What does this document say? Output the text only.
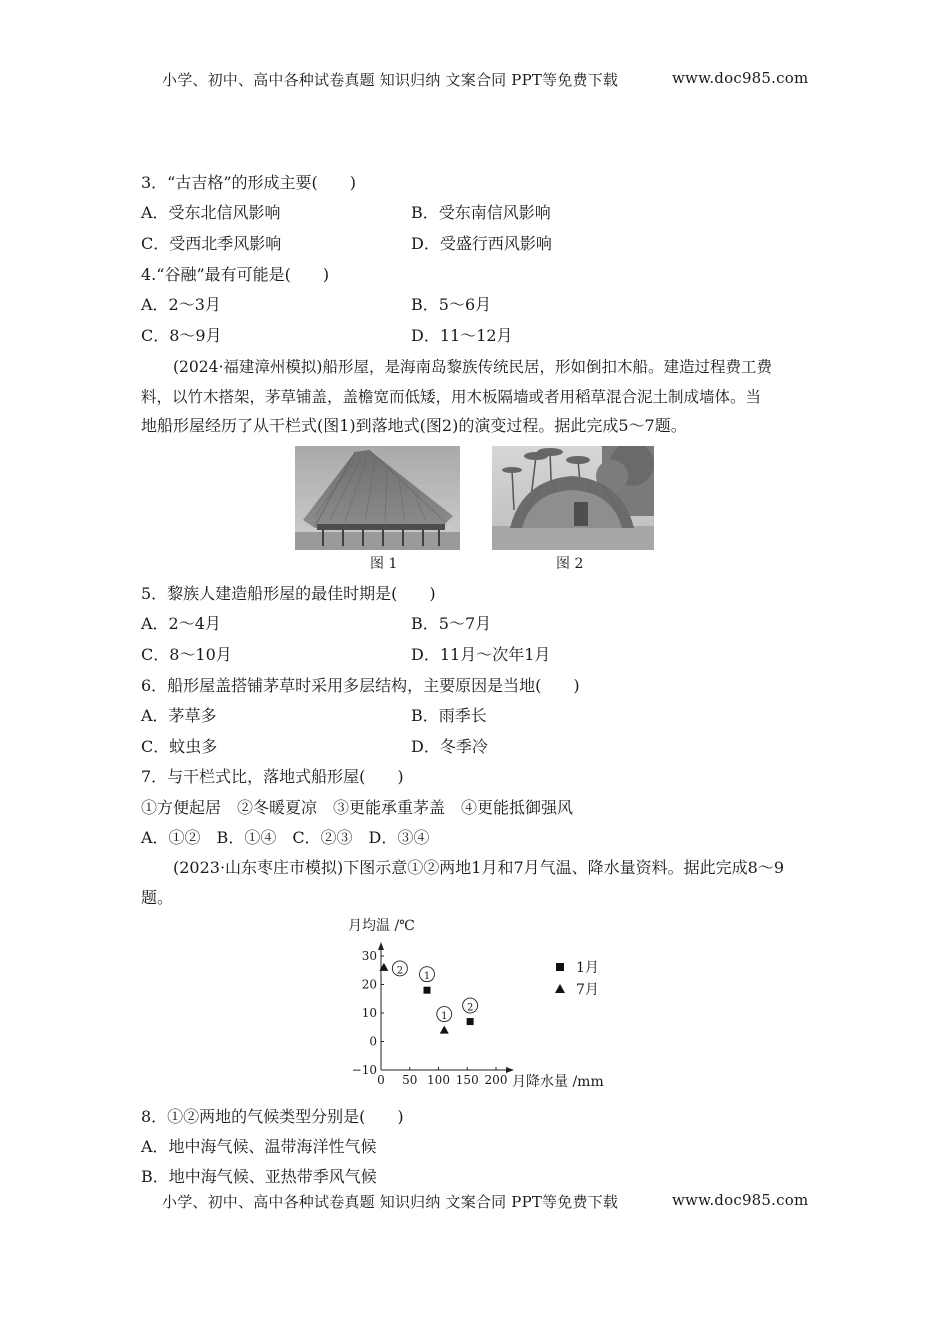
小学、初中、高中各种试卷真题 知识归纳 文案合同 PPT等免费下载	www.doc985.com
3．“古吉格”的形成主要(　　)
A．受东北信风影响	B．受东南信风影响
C．受西北季风影响	D．受盛行西风影响
4.“谷融”最有可能是(　　)
A．2～3月	B．5～6月
C．8～9月	D．11～12月
(2024·福建漳州模拟)船形屋，是海南岛黎族传统民居，形如倒扣木船。建造过程费工费
料，以竹木搭架，茅草铺盖，盖檐宽而低矮，用木板隔墙或者用稻草混合泥土制成墙体。当
地船形屋经历了从干栏式(图1)到落地式(图2)的演变过程。据此完成5～7题。
图 1	图 2
5．黎族人建造船形屋的最佳时期是(　　)
A．2～4月	B．5～7月
C．8～10月	D．11月～次年1月
6．船形屋盖搭铺茅草时采用多层结构，主要原因是当地(　　)
A．茅草多	B．雨季长
C．蚊虫多	D．冬季冷
7．与干栏式比，落地式船形屋(　　)
①方便起居　②冬暖夏凉　③更能承重茅盖　④更能抵御强风
A．①②　B．①④　C．②③　D．③④
(2023·山东枣庄市模拟)下图示意①②两地1月和7月气温、降水量资料。据此完成8～9
题。
月均温 /℃
30
20
10
0
−10
0 50 100 150 200 月降水量 /mm
2
1
1
2
1月
7月
8．①②两地的气候类型分别是(　　)
A．地中海气候、温带海洋性气候
B．地中海气候、亚热带季风气候
小学、初中、高中各种试卷真题 知识归纳 文案合同 PPT等免费下载	www.doc985.com
